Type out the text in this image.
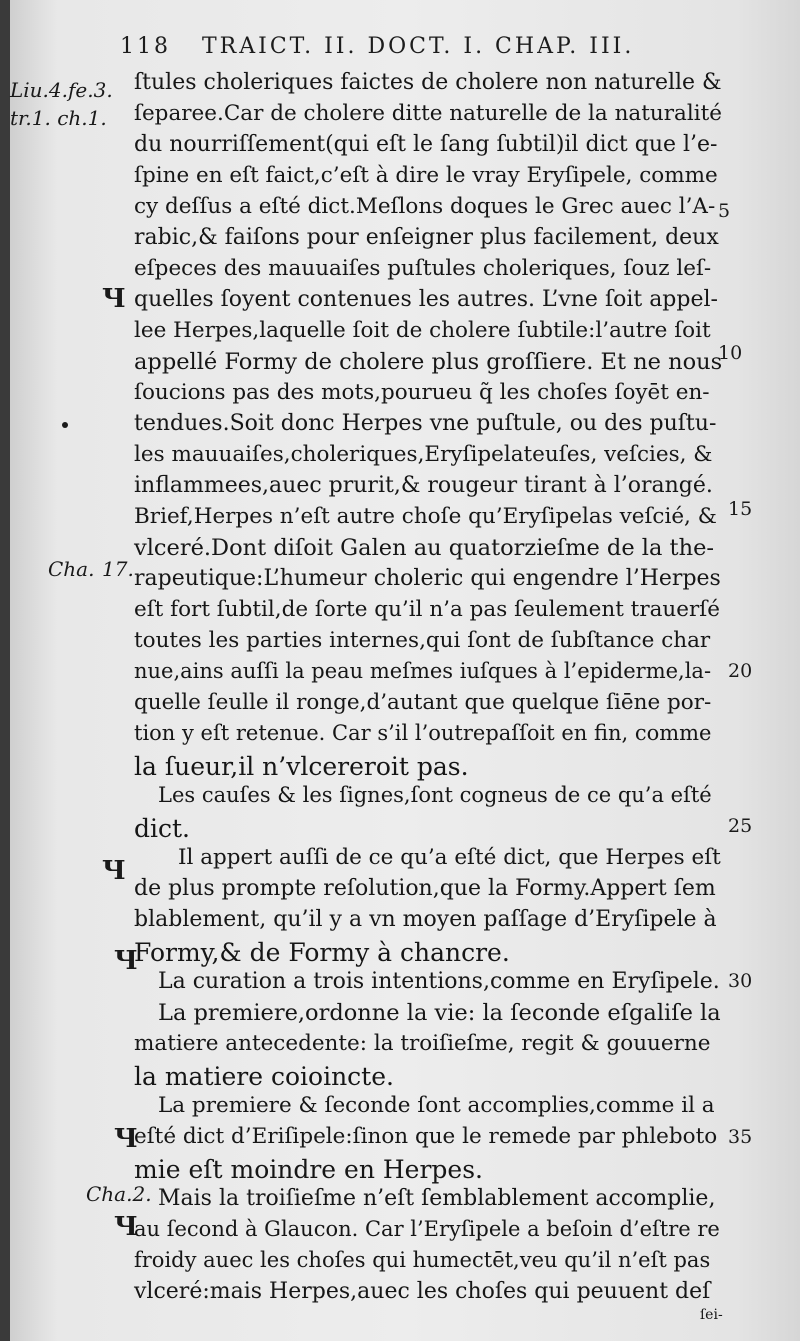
118 TRAICT. II. DOCT. I. CHAP. III.
Liu.4.fe.3.
tr.1. ch.1.
Cha. 17.
Cha.2.
Ч
Ч
Ч
Ч
Ч
5
10
15
20
25
30
35
ſtules choleriques faictes de cholere non naturelle &
ſeparee.Car de cholere ditte naturelle de la naturalité
du nourriſſement(qui eſt le ſang ſubtil)il dict que l’e-
ſpine en eſt faict,c’eſt à dire le vray Eryſipele, comme
cy deſſus a eſté dict.Meſlons doques le Grec auec l’A-
rabic,& faiſons pour enſeigner plus facilement, deux
eſpeces des mauuaiſes puſtules choleriques, ſouz leſ-
quelles ſoyent contenues les autres. L’vne ſoit appel-
lee Herpes,laquelle ſoit de cholere ſubtile:l’autre ſoit
appellé Formy de cholere plus groſſiere. Et ne nous
ſoucions pas des mots,pourueu q̃ les choſes ſoyēt en-
tendues.Soit donc Herpes vne puſtule, ou des puſtu-
les mauuaiſes,choleriques,Eryſipelateuſes, veſcies, &
inflammees,auec prurit,& rougeur tirant à l’orangé.
Brief,Herpes n’eſt autre choſe qu’Eryſipelas veſcié, &
vlceré.Dont diſoit Galen au quatorzieſme de la the-
rapeutique:L’humeur choleric qui engendre l’Herpes
eſt fort ſubtil,de ſorte qu’il n’a pas ſeulement trauerſé
toutes les parties internes,qui ſont de ſubſtance char
nue,ains auſſi la peau meſmes iuſques à l’epiderme,la-
quelle ſeulle il ronge,d’autant que quelque ſiēne por-
tion y eſt retenue. Car s’il l’outrepaſſoit en fin, comme
la ſueur,il n’vlcereroit pas.
Les cauſes & les ſignes,ſont cogneus de ce qu’a eſté
dict.
Il appert auſſi de ce qu’a eſté dict, que Herpes eſt
de plus prompte reſolution,que la Formy.Appert ſem
blablement, qu’il y a vn moyen paſſage d’Eryſipele à
Formy,& de Formy à chancre.
La curation a trois intentions,comme en Eryſipele.
La premiere,ordonne la vie: la ſeconde eſgaliſe la
matiere antecedente: la troiſieſme, regit & gouuerne
la matiere coioincte.
La premiere & ſeconde ſont accomplies,comme il a
eſté dict d’Eriſipele:ſinon que le remede par phleboto
mie eſt moindre en Herpes.
Mais la troiſieſme n’eſt ſemblablement accomplie,
au ſecond à Glaucon. Car l’Eryſipele a beſoin d’eſtre re
froidy auec les choſes qui humectēt,veu qu’il n’eſt pas
vlceré:mais Herpes,auec les choſes qui peuuent deſ
ſei-
